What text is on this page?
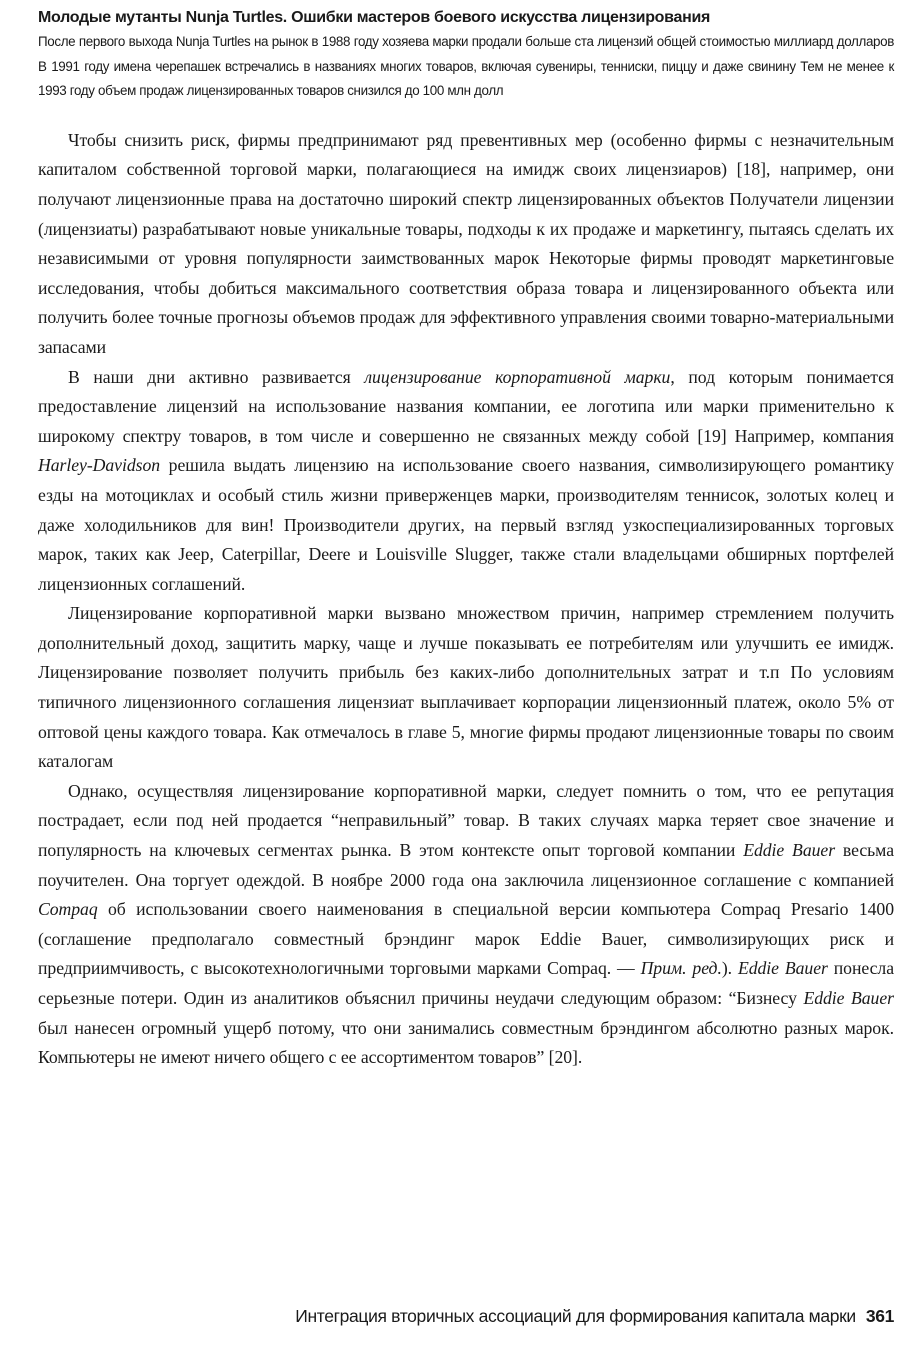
Молодые мутанты Nunja Turtles. Ошибки мастеров боевого искусства лицензирования
После первого выхода Nunja Turtles на рынок в 1988 году хозяева марки продали больше ста лицензий общей стоимостью миллиард долларов В 1991 году имена черепашек встречались в названиях многих товаров, включая сувениры, тенниски, пиццу и даже свинину Тем не менее к 1993 году объем продаж лицензированных товаров снизился до 100 млн долл

Чтобы снизить риск, фирмы предпринимают ряд превентивных мер (особенно фирмы с незначительным капиталом собственной торговой марки, полагающиеся на имидж своих лицензиаров) [18], например, они получают лицензионные права на достаточно широкий спектр лицензированных объектов Получатели лицензии (лицензиаты) разрабатывают новые уникальные товары, подходы к их продаже и маркетингу, пытаясь сделать их независимыми от уровня популярности заимствованных марок Некоторые фирмы проводят маркетинговые исследования, чтобы добиться максимального соответствия образа товара и лицензированного объекта или получить более точные прогнозы объемов продаж для эффективного управления своими товарно-материальными запасами

В наши дни активно развивается лицензирование корпоративной марки, под которым понимается предоставление лицензий на использование названия компании, ее логотипа или марки применительно к широкому спектру товаров, в том числе и совершенно не связанных между собой [19] Например, компания Harley-Davidson решила выдать лицензию на использование своего названия, символизирующего романтику езды на мотоциклах и особый стиль жизни приверженцев марки, производителям теннисок, золотых колец и даже холодильников для вин! Производители других, на первый взгляд узкоспециализированных торговых марок, таких как Jeep, Caterpillar, Deere и Louisville Slugger, также стали владельцами обширных портфелей лицензионных соглашений.

Лицензирование корпоративной марки вызвано множеством причин, например стремлением получить дополнительный доход, защитить марку, чаще и лучше показывать ее потребителям или улучшить ее имидж. Лицензирование позволяет получить прибыль без каких-либо дополнительных затрат и т.п По условиям типичного лицензионного соглашения лицензиат выплачивает корпорации лицензионный платеж, около 5% от оптовой цены каждого товара. Как отмечалось в главе 5, многие фирмы продают лицензионные товары по своим каталогам

Однако, осуществляя лицензирование корпоративной марки, следует помнить о том, что ее репутация пострадает, если под ней продается “неправильный” товар. В таких случаях марка теряет свое значение и популярность на ключевых сегментах рынка. В этом контексте опыт торговой компании Eddie Bauer весьма поучителен. Она торгует одеждой. В ноябре 2000 года она заключила лицензионное соглашение с компанией Compaq об использовании своего наименования в специальной версии компьютера Compaq Presario 1400 (соглашение предполагало совместный брэндинг марок Eddie Bauer, символизирующих риск и предприимчивость, с высокотехнологичными торговыми марками Compaq. — Прим. ред.). Eddie Bauer понесла серьезные потери. Один из аналитиков объяснил причины неудачи следующим образом: “Бизнесу Eddie Bauer был нанесен огромный ущерб потому, что они занимались совместным брэндингом абсолютно разных марок. Компьютеры не имеют ничего общего с ее ассортиментом товаров” [20].

Интеграция вторичных ассоциаций для формирования капитала марки 361
